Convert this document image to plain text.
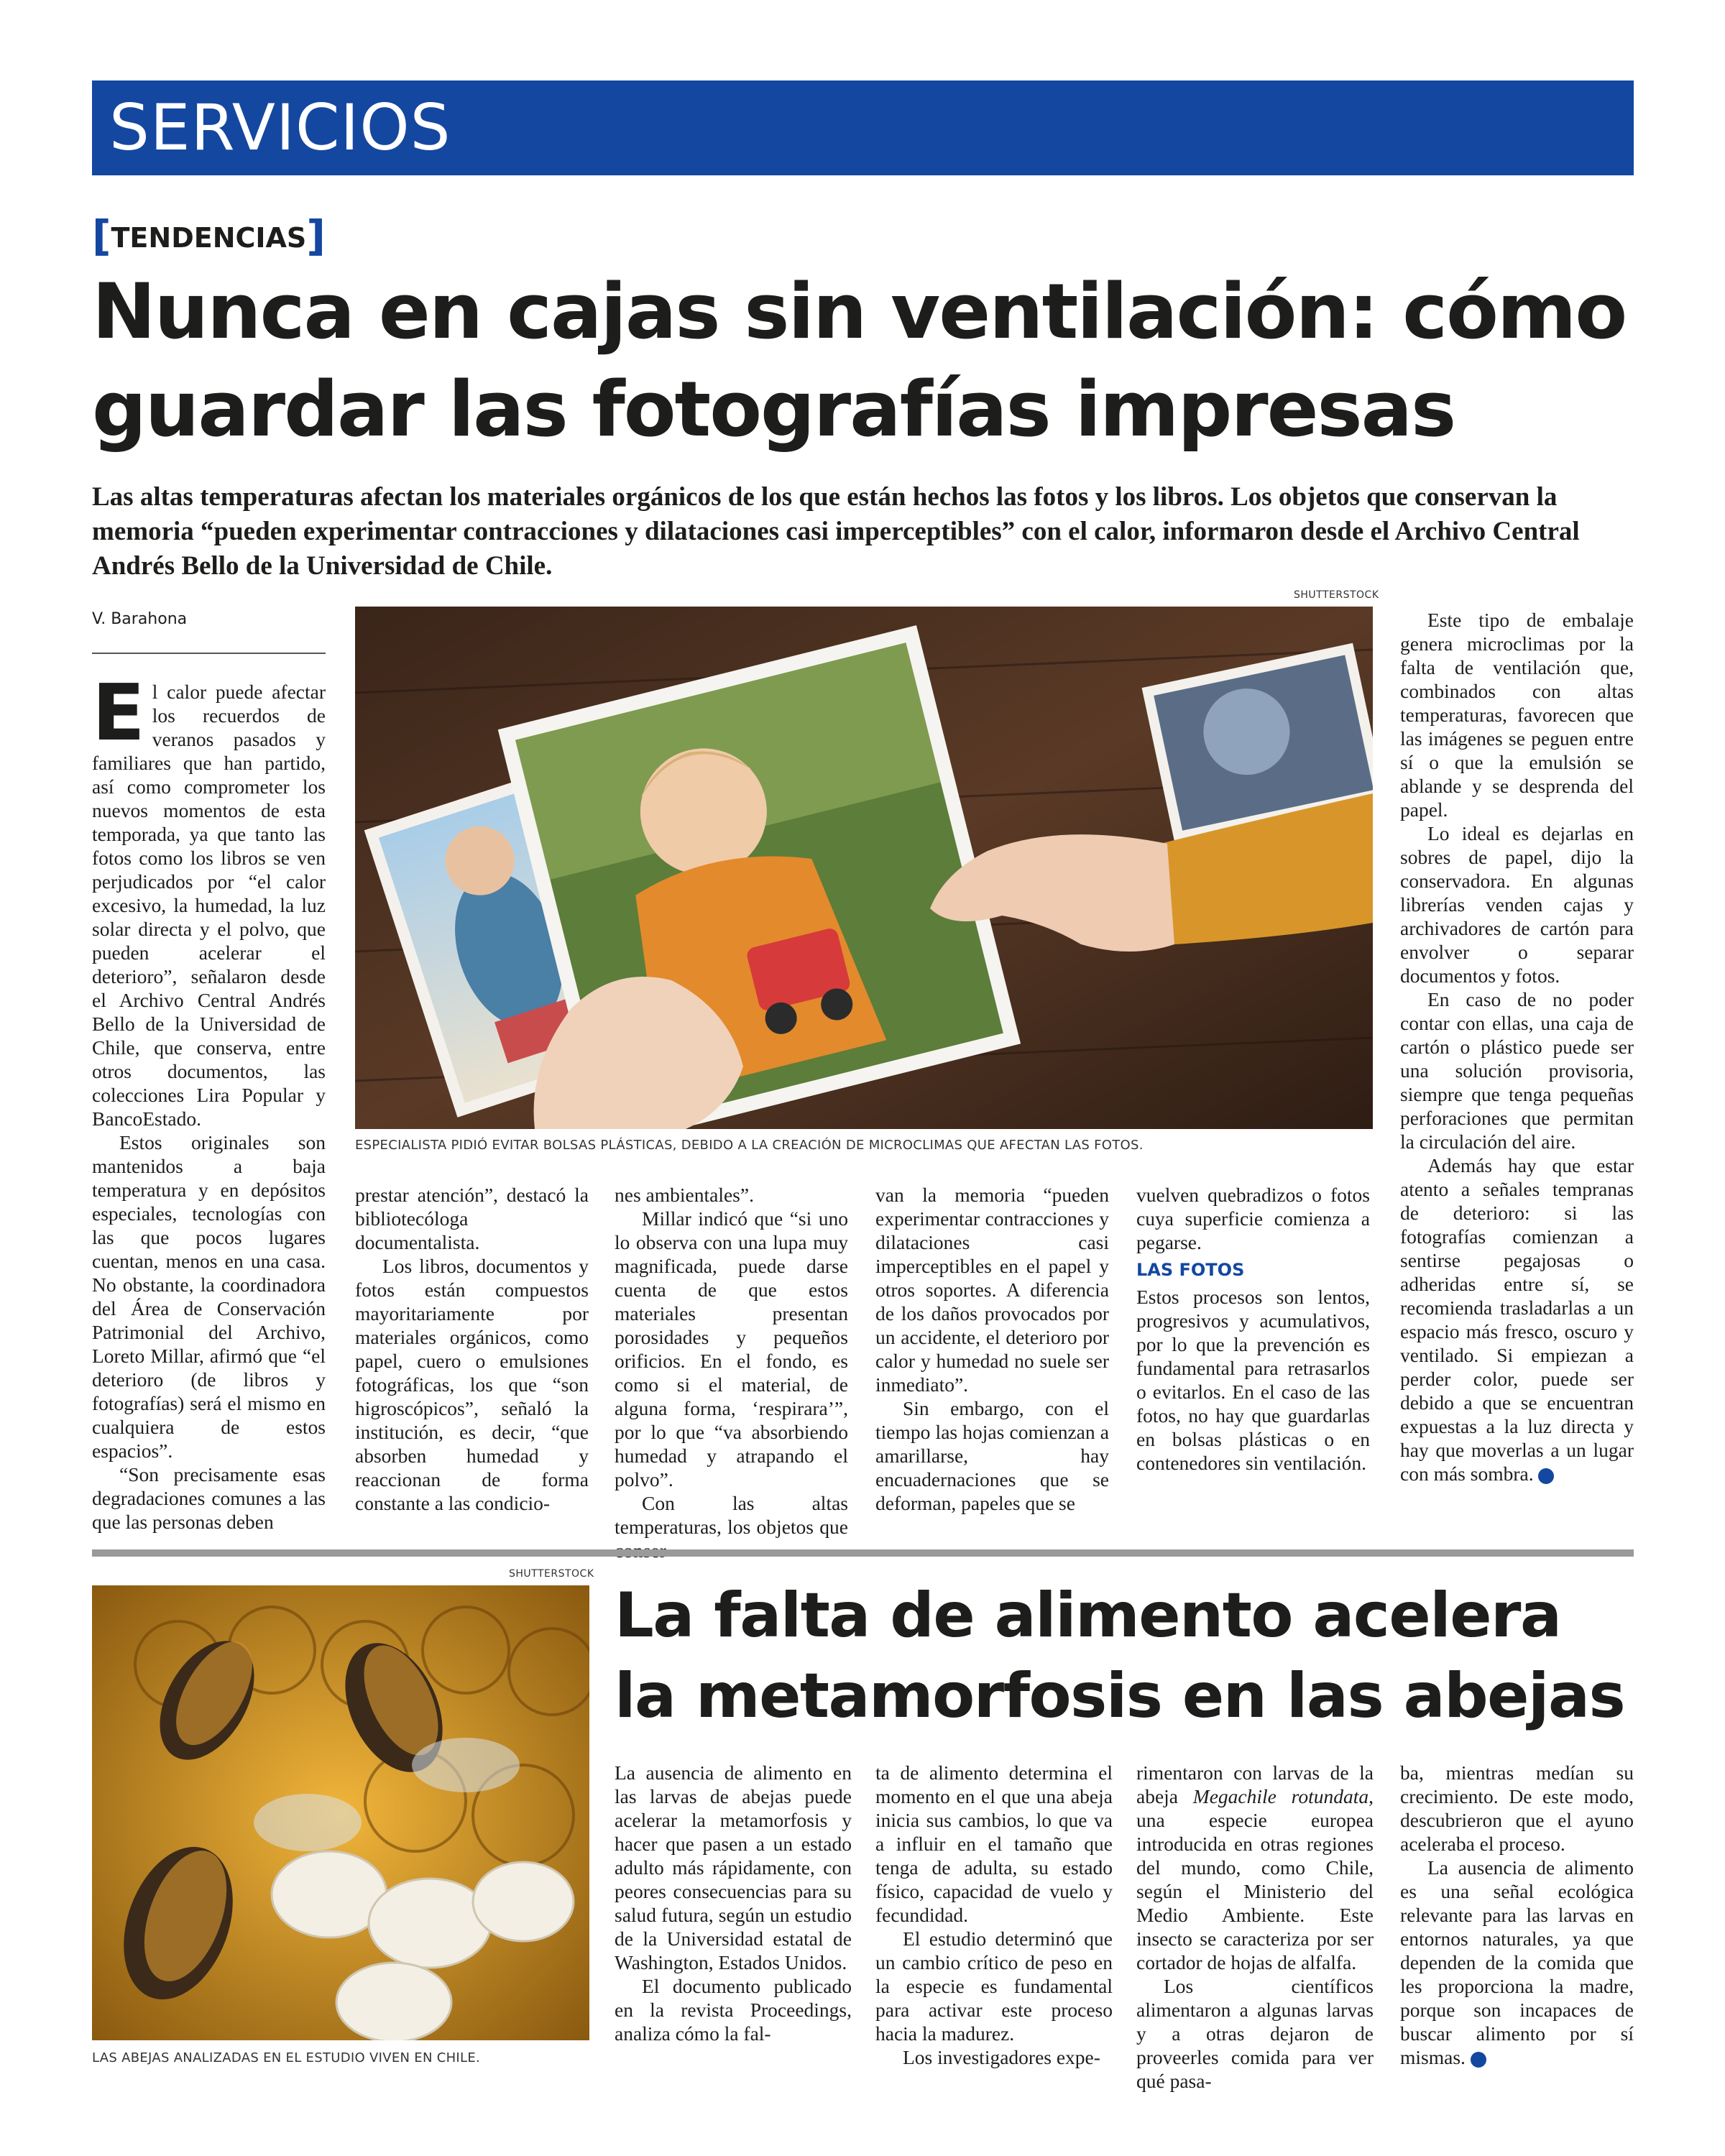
SERVICIOS
[TENDENCIAS]
Nunca en cajas sin ventilación: cómo guardar las fotografías impresas

Las altas temperaturas afectan los materiales orgánicos de los que están hechos las fotos y los libros. Los objetos que conservan la memoria “pueden experimentar contracciones y dilataciones casi imperceptibles” con el calor, informaron desde el Archivo Central Andrés Bello de la Universidad de Chile.

V. Barahona
SHUTTERSTOCK
ESPECIALISTA PIDIÓ EVITAR BOLSAS PLÁSTICAS, DEBIDO A LA CREACIÓN DE MICROCLIMAS QUE AFECTAN LAS FOTOS.

El calor puede afectar los recuerdos de veranos pasados y familiares que han partido, así como comprometer los nuevos momentos de esta temporada, ya que tanto las fotos como los libros se ven perjudicados por “el calor excesivo, la humedad, la luz solar directa y el polvo, que pueden acelerar el deterioro”, señalaron desde el Archivo Central Andrés Bello de la Universidad de Chile, que conserva, entre otros documentos, las colecciones Lira Popular y BancoEstado.

Estos originales son mantenidos a baja temperatura y en depósitos especiales, tecnologías con las que pocos lugares cuentan, menos en una casa. No obstante, la coordinadora del Área de Conservación Patrimonial del Archivo, Loreto Millar, afirmó que “el deterioro (de libros y fotografías) será el mismo en cualquiera de estos espacios”.

“Son precisamente esas degradaciones comunes a las que las personas deben

prestar atención”, destacó la bibliotecóloga documentalista.

Los libros, documentos y fotos están compuestos mayoritariamente por materiales orgánicos, como papel, cuero o emulsiones fotográficas, los que “son higroscópicos”, señaló la institución, es decir, “que absorben humedad y reaccionan de forma constante a las condicio-

nes ambientales”.

Millar indicó que “si uno lo observa con una lupa muy magnificada, puede darse cuenta de que estos materiales presentan porosidades y pequeños orificios. En el fondo, es como si el material, de alguna forma, ‘respirara’”, por lo que “va absorbiendo humedad y atrapando el polvo”.

Con las altas temperaturas, los objetos que

van la memoria “pueden experimentar contracciones y dilataciones casi imperceptibles en el papel y otros soportes. A diferencia de los daños provocados por un accidente, el deterioro por calor y humedad no suele ser inmediato”.

Sin embargo, con el tiempo las hojas comienzan a amarillarse, hay encuadernaciones que se deforman, papeles que se

vuelven quebradizos o fotos cuya superficie comienza a pegarse.

LAS FOTOS

Estos procesos son lentos, progresivos y acumulativos, por lo que la prevención es fundamental para retrasarlos o evitarlos. En el caso de las fotos, no hay que guardarlas en bolsas plásticas o en contenedores sin ventilación.

Este tipo de embalaje genera microclimas por la falta de ventilación que, combinados con altas temperaturas, favorecen que las imágenes se peguen entre sí o que la emulsión se ablande y se desprenda del papel.

Lo ideal es dejarlas en sobres de papel, dijo la conservadora. En algunas librerías venden cajas y archivadores de cartón para envolver o separar documentos y fotos.

En caso de no poder contar con ellas, una caja de cartón o plástico puede ser una solución provisoria, siempre que tenga pequeñas perforaciones que permitan la circulación del aire.

Además hay que estar atento a señales tempranas de deterioro: si las fotografías comienzan a sentirse pegajosas o adheridas entre sí, se recomienda trasladarlas a un espacio más fresco, oscuro y ventilado. Si empiezan a perder color, puede ser debido a que se encuentran expuestas a la luz directa y hay que moverlas a un lugar con más sombra.	✪

SHUTTERSTOCK
LAS ABEJAS ANALIZADAS EN EL ESTUDIO VIVEN EN CHILE.
La falta de alimento acelera la metamorfosis en las abejas

La ausencia de alimento en las larvas de abejas puede acelerar la metamorfosis y hacer que pasen a un estado adulto más rápidamente, con peores consecuencias para su salud futura, según un estudio de la Universidad estatal de Washington, Estados Unidos.

El documento publicado en la revista Proceedings, analiza cómo la fal-

ta de alimento determina el momento en el que una abeja inicia sus cambios, lo que va a influir en el tamaño que tenga de adulta, su estado físico, capacidad de vuelo y fecundidad.

El estudio determinó que un cambio crítico de peso en la especie es fundamental para activar este proceso hacia la madurez.

Los investigadores expe-

rimentaron con larvas de la abeja Megachile rotundata, una especie europea introducida en otras regiones del mundo, como Chile, según el Ministerio del Medio Ambiente. Este insecto se caracteriza por ser cortador de hojas de alfalfa.

Los científicos alimentaron a algunas larvas y a otras dejaron de proveerles comida para ver qué pasa-

ba, mientras medían su crecimiento. De este modo, descubrieron que el ayuno aceleraba el proceso.

La ausencia de alimento es una señal ecológica relevante para las larvas en entornos naturales, ya que dependen de la comida que les proporciona la madre, porque son incapaces de buscar alimento por sí mismas.	✪
